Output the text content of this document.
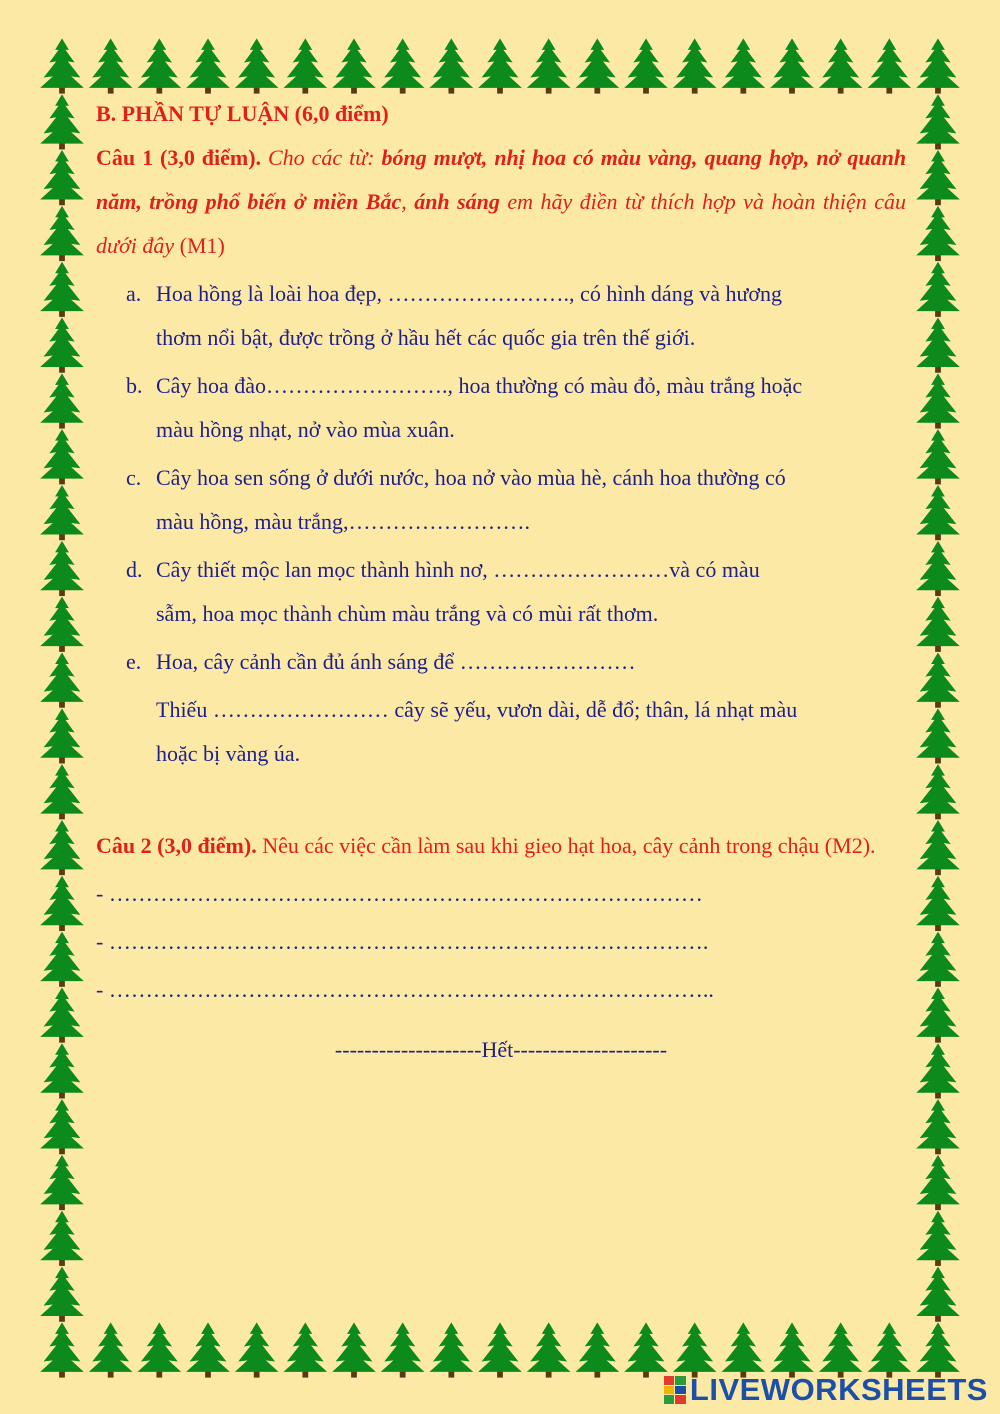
B. PHẦN TỰ LUẬN (6,0 điểm)

Câu 1 (3,0 điểm). Cho các từ: bóng mượt, nhị hoa có màu vàng, quang hợp, nở quanh năm, trồng phổ biến ở miền Bắc, ánh sáng em hãy điền từ thích hợp và hoàn thiện câu dưới đây (M1)

a. Hoa hồng là loài hoa đẹp, ……………………., có hình dáng và hương
thơm nổi bật, được trồng ở hầu hết các quốc gia trên thế giới.
b. Cây hoa đào……………………., hoa thường có màu đỏ, màu trắng hoặc
màu hồng nhạt, nở vào mùa xuân.
c. Cây hoa sen sống ở dưới nước, hoa nở vào mùa hè, cánh hoa thường có
màu hồng, màu trắng,…………………….
d. Cây thiết mộc lan mọc thành hình nơ, ……………………và có màu
sẫm, hoa mọc thành chùm màu trắng và có mùi rất thơm.
e. Hoa, cây cảnh cần đủ ánh sáng để ……………………
Thiếu …………………… cây sẽ yếu, vươn dài, dễ đổ; thân, lá nhạt màu
hoặc bị vàng úa.

Câu 2 (3,0 điểm). Nêu các việc cần làm sau khi gieo hạt hoa, cây cảnh trong chậu (M2).

- ………………………………………………………………………

- ……………………………………………………………………….

- ………………………………………………………………………..

--------------------Hết---------------------

LIVEWORKSHEETS
